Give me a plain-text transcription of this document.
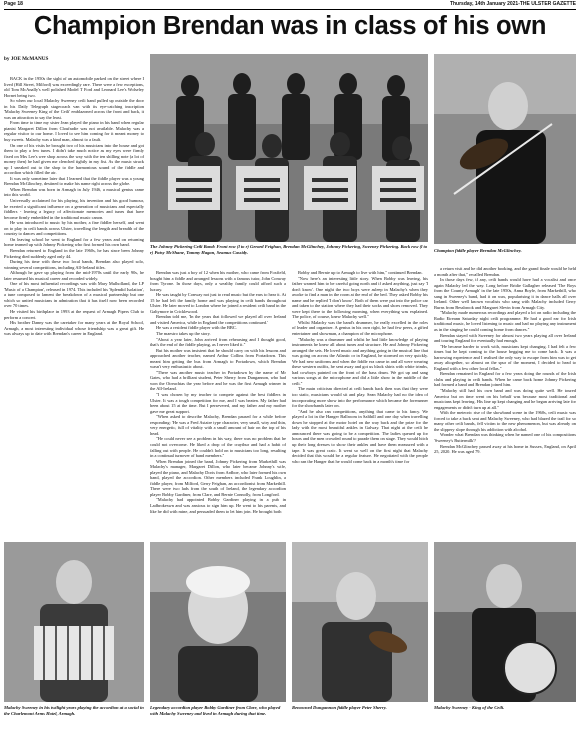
Page 18	Thursday, 14th January 2021-THE ULSTER GAZETTE
Champion Brendan was in class of his own
by JOE McMANUS

BACK in the 1950s the sight of an automobile parked on the street where I lived (Hill Street, Milford) was exceedingly rare. There were a few exceptions, old Tom McAnally's well polished Model T Ford and Leonard Lee's Wolseley Hornet being two.

So when our local Malachy Sweeney ceili band pulled up outside the door in his Daily Telegraph stagecoach van with its eye-catching inscription 'Malachy Sweeney King of the Ceili' emblazoned across the front and back, it was an attraction to say the least.

From time to time my sister Jean played the piano in his band when regular pianist Margaret Dillon from Cloufradie was not available. Malachy was a regular visitor to our home. I loved to see him coming for it meant money to buy sweets. Malachy was a kind man, almost to a fault.

On one of his visits he brought two of his musicians into the house and got them to play a few tunes. I didn't take much notice as my eyes were firmly fixed on Mrs Lee's wee shop across the way with the ten shilling note (a lot of money then) he had given me clenched tightly in my fist. As the music struck up I sneaked out to the shop to the harmonious sound of the fiddle and accordion which filled the air.

It was only sometime later that I learned that the fiddle player was a young Brendan McGlinchey, destined to make his name right across the globe.

When Brendan was born in Armagh in July 1946, a musical genius came into this world.

Universally acclaimed for his playing, his invention and his good humour, he exerted a significant influence on a generation of musicians and especially fiddlers - leaving a legacy of affectionate memories and tunes that have become firmly embedded in the traditional music canon.

He was introduced to music by his mother, a fine fiddler herself, and went on to play in ceili bands across Ulster, travelling the length and breadth of the country to dances and competitions.

On leaving school he went to England for a few years and on returning home teamed up with Johnny Pickering who first formed his own band.

Brendan returned to England in the late 1960s, he has since been Johnny Pickering died suddenly aged only 44.

During his time with these two local bands, Brendan also played solo, winning several competitions, including All-Ireland titles.

Although he gave up playing from the mid-1970s until the early 90s, he later resumed his musical career and recorded widely.

One of his most influential recordings was with Mary Mulholland, the LP 'Music of a Champion', released in 1974. This included his 'Splendid Isolation', a tune composed to lament the breakdown of a musical partnership but one which so united musicians in admiration that it has itself now been recorded over 70 times.

He visited his birthplace in 1993 at the request of Armagh Pipers Club to perform a concert.

His brother Danny was the caretaker for many years at the Royal School, Armagh, a most interesting individual whose friendship was a great gift. He was always up to date with Brendan's career in England.

The Johnny Pickering Ceili Band: Front row (l to r) Gerard Feighan, Brendan McGlinchey, Johnny Pickering, Sweeney Pickering. Back row (l to r) Patsy McShane, Tommy Hagan, Seamus Cassidy.	Champion fiddle player Brendan McGlinchey.

Brendan was just a boy of 12 when his mother, who came from Foxfield, bought him a fiddle and arranged lessons with a famous tutor, John Conway from Tyrone. In those days, only a wealthy family could afford such a luxury.

He was taught by Conway not just to read music but the ears to hear it. At 15 he had left the family home and was playing in ceili bands throughout Ulster. He later moved to London where he joined a resident ceili band in the Galtymore in Cricklewood.

Brendan told me, 'In the years that followed we played all over Ireland and visited America, while in England the competitions continued.'

He was a resident fiddle player with the BBC.

The maestro takes up the story.

"About a year later, John arrived from rehearsing and I thought good, that's the end of the fiddle playing, as I never liked it."

But his mother was insistent that he should carry on with his lessons and approached another teacher, named Arthur Collins from Portadown. This meant him getting the bus from Armagh to Portadown, which Brendan wasn't very enthusiastic about.

"There was another music teacher in Portadown by the name of Mr Gates, who had a brilliant student, Peter Sherry from Dungannon, who had won the Oireachtas the year before and he was the first Armagh winner in the All-Ireland.

"I was chosen by my teacher to compete against the best fiddlers in Ulster. It was a tough competition for me, and I was beaten. My father had been about 15 at the time. But I persevered, and my father and my mother gave me great support.

"When asked to describe Malachy, Brendan paused for a while before responding: 'He was a Fred Astaire type character, very small, wiry and thin, very energetic, full of vitality with a small amount of hair on the top of his head.

"He could never see a problem in his way, there was no problem that he could not overcome. He liked a drop of the craythur and had a habit of falling out with people. He couldn't hold on to musicians too long, resulting in a continual turnover of band members."

When Brendan joined the band, Johnny Pickering from Markethill was Malachy's manager, Margaret Dillon, who later became Johnny's wife, played the piano, and Malachy Doris from Ardboe, who later formed his own band, played the accordion. Other members included Frank Loughlin, a fiddle player, from Milford, Gerry Feighan, an accordionist from Markethill. There were two lads from the south of Ireland, the legendary accordion player Bobby Gardiner, from Clare, and Bernie Connolly, from Longford.

"Malachy had appointed Bobby Gardiner playing in a pub in Ladbrokeswn and was anxious to sign him up. He went to his parents, and like he did with mine, and persuaded them to let him join. He brought both

Bobby and Bernie up to Armagh to live with him," continued Brendan.

"Now here's an interesting little story. When Bobby was leaving, his father warned him to be careful going north and if asked anything, just say 'I don't know'. One night the two boys were asleep in Malachy's when they awoke to find a man in the room at the end of the bed. They asked Bobby his name and he replied 'I don't know'. Both of them were put into the police car and taken to the station where they had their socks and shoes removed. They were kept there to the following morning, when everything was explained. The police, of course, knew Malachy well."

Whilst Malachy was the band's drummer, he really excelled in the roles of leader and organiser. A genius in his own right, he had few peers, a gifted entertainer and showman, a champion of the microphone.

"Malachy was a drummer and whilst he had little knowledge of playing instruments he knew all about tunes and structure. He and Johnny Pickering arranged the sets. He loved music and anything going in the musical line that was going on across the Atlantic or in England, he stormed on very quickly. We had new uniforms and when the fiddle era came in and all were wearing these western outfits, he sent away and got us black shirts with white trimbs, had cowboys painted on the front of the bass drum. We got up and sang various songs at the microphone and did a little show in the middle of the ceili."

The main criticism directed at ceili bands back then was that they were too static, musicians would sit and play. Sean Malachy had no the idea of incorporating more show into the performance which became the forerunner for the showbands later on.

"And he also ran competitions, anything that came to his fancy. We played a lot in the Hanger Ballroom in Salthill and one day when travelling down he stopped at the motor hotel on the way back and the prize for the lady with the most beautiful ankles in Galway. That night at the ceili he announced there was going to be a competition. The ladies queued up for hours and the men crowded round to parade them on stage. They would hitch up their long dresses to show their ankles and have them measured with a tape. It was great craic. It went so well on the first night that Malachy decided that this would be a regular feature. He negotiated with the people who ran the Hanger that he would come back in a month's time for

a return visit and he did another booking, and the grand finale would be held a month after that," recalled Brendan.

In those days few, if any, ceili bands would have had a vocalist and once again Malachy led the way. Long before Bridie Gallagher released 'The Boys from the County Armagh' in the late 1950s, Anna Boyle, from Markethill, who sang in Sweeney's band, had it on wax, popularising it in dance halls all over Ireland. Other well known vocalists who sang with Malachy included Gerry Burns from Bessbrook and Margaret Slevin from Armagh City.

"Malachy made numerous recordings and played a lot on radio including the Radio Eireann Saturday night ceili programme. He had a good ear for Irish traditional music, he loved listening to music and had no playing any instrument as in the singing he could coming home from dances."

Brendan stayed with Sweeney for almost two years playing all over Ireland and touring England for eventually had enough.

"He became harder to work with, musicians kept changing. I had felt a few times but he kept coming to the house begging me to come back. It was a harrowing experience and I realised the only way to escape from him was to get away altogether, so almost on the spur of the moment, I decided to head to England with a few other local fellas."

Brendan remained in England for a few years doing the rounds of the Irish clubs and playing in ceili bands. When he came back home Johnny Pickering had formed a band and Brendan joined him.

"Malachy still had his own band and was doing quite well. He toured America but on time went on his behalf was because most traditional and musicians kept leaving. His line up kept changing and he began arriving late for engagements or didn't turn up at all."

With the meteoric rise of the showband scene in the 1960s, ceili music was forced to take a back seat and Malachy Sweeney, who had blazed the trail for so many other ceili bands, fell victim to the new phenomenon, but was already on the slippery slope through his addiction with alcohol.

Wonder what Brendan was thinking when he named one of his compositions 'Sweeney's Buttermilk'?

Brendan McGlinchey passed away at his home in Sussex, England, on April 25, 2020. He was aged 79.

Malachy Sweeney in his twilight years playing the accordion at a social in the Charlemont Arms Hotel, Armagh.
Legendary accordion player Bobby Gardiner from Clare, who played with Malachy Sweeney and lived in Armagh during that time.
Renowned Dungannon fiddle player Peter Sherry.	Malachy Sweeney - King of the Ceili.
